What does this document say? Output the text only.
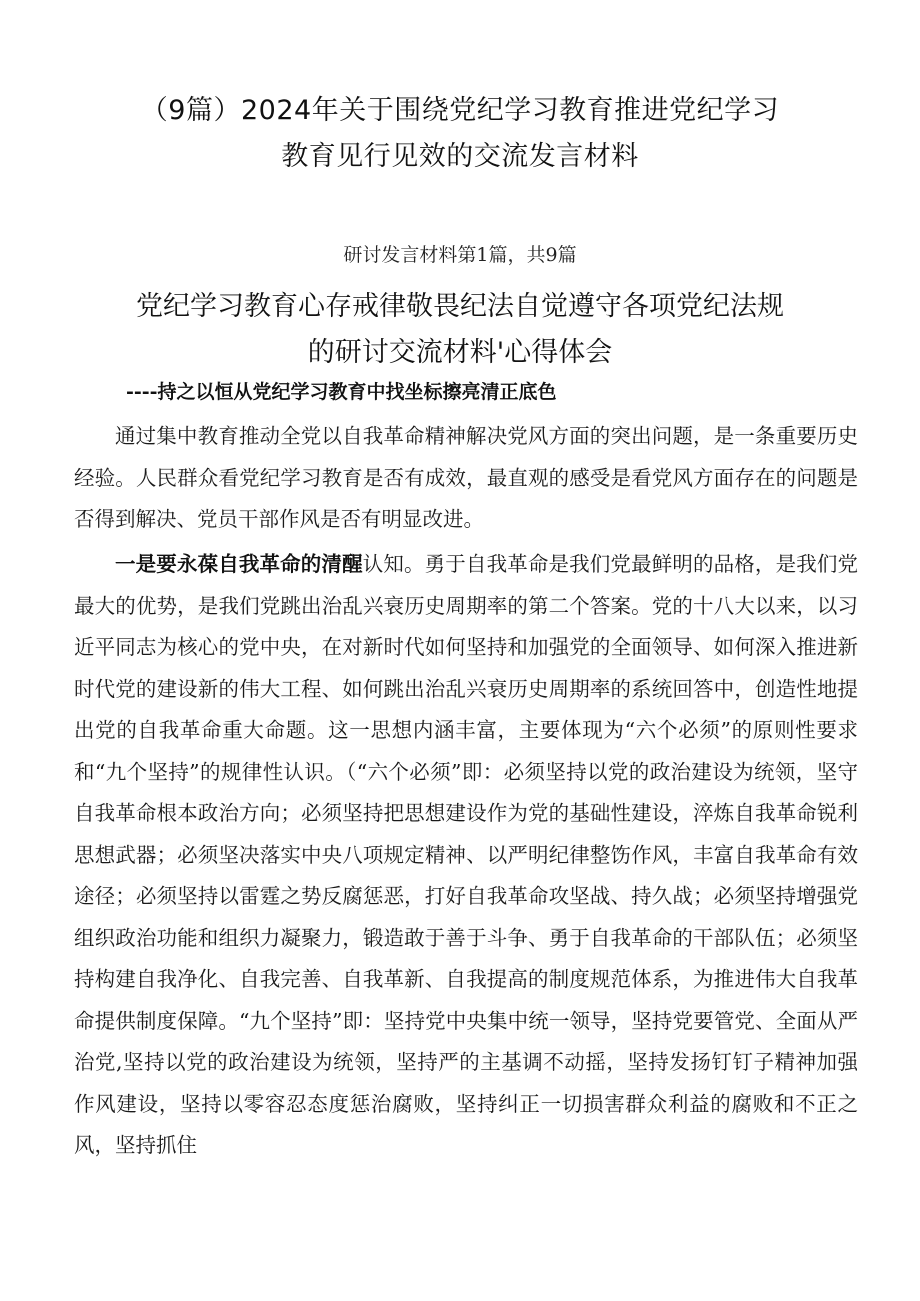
（9篇）2024年关于围绕党纪学习教育推进党纪学习
教育见行见效的交流发言材料
研讨发言材料第1篇，共9篇
党纪学习教育心存戒律敬畏纪法自觉遵守各项党纪法规
的研讨交流材料'心得体会
----持之以恒从党纪学习教育中找坐标擦亮清正底色

通过集中教育推动全党以自我革命精神解决党风方面的突出问题，是一条重要历史经验。人民群众看党纪学习教育是否有成效，最直观的感受是看党风方面存在的问题是否得到解决、党员干部作风是否有明显改进。

一是要永葆自我革命的清醒认知。勇于自我革命是我们党最鲜明的品格，是我们党最大的优势，是我们党跳出治乱兴衰历史周期率的第二个答案。党的十八大以来，以习近平同志为核心的党中央，在对新时代如何坚持和加强党的全面领导、如何深入推进新时代党的建设新的伟大工程、如何跳出治乱兴衰历史周期率的系统回答中，创造性地提出党的自我革命重大命题。这一思想内涵丰富，主要体现为“六个必须”的原则性要求和“九个坚持”的规律性认识。（“六个必须”即：必须坚持以党的政治建设为统领，坚守自我革命根本政治方向；必须坚持把思想建设作为党的基础性建设，淬炼自我革命锐利思想武器；必须坚决落实中央八项规定精神、以严明纪律整饬作风，丰富自我革命有效途径；必须坚持以雷霆之势反腐惩恶，打好自我革命攻坚战、持久战；必须坚持增强党组织政治功能和组织力凝聚力，锻造敢于善于斗争、勇于自我革命的干部队伍；必须坚持构建自我净化、自我完善、自我革新、自我提高的制度规范体系，为推进伟大自我革命提供制度保障。“九个坚持”即：坚持党中央集中统一领导，坚持党要管党、全面从严治党,坚持以党的政治建设为统领，坚持严的主基调不动摇，坚持发扬钉钉子精神加强作风建设，坚持以零容忍态度惩治腐败，坚持纠正一切损害群众利益的腐败和不正之风，坚持抓住
